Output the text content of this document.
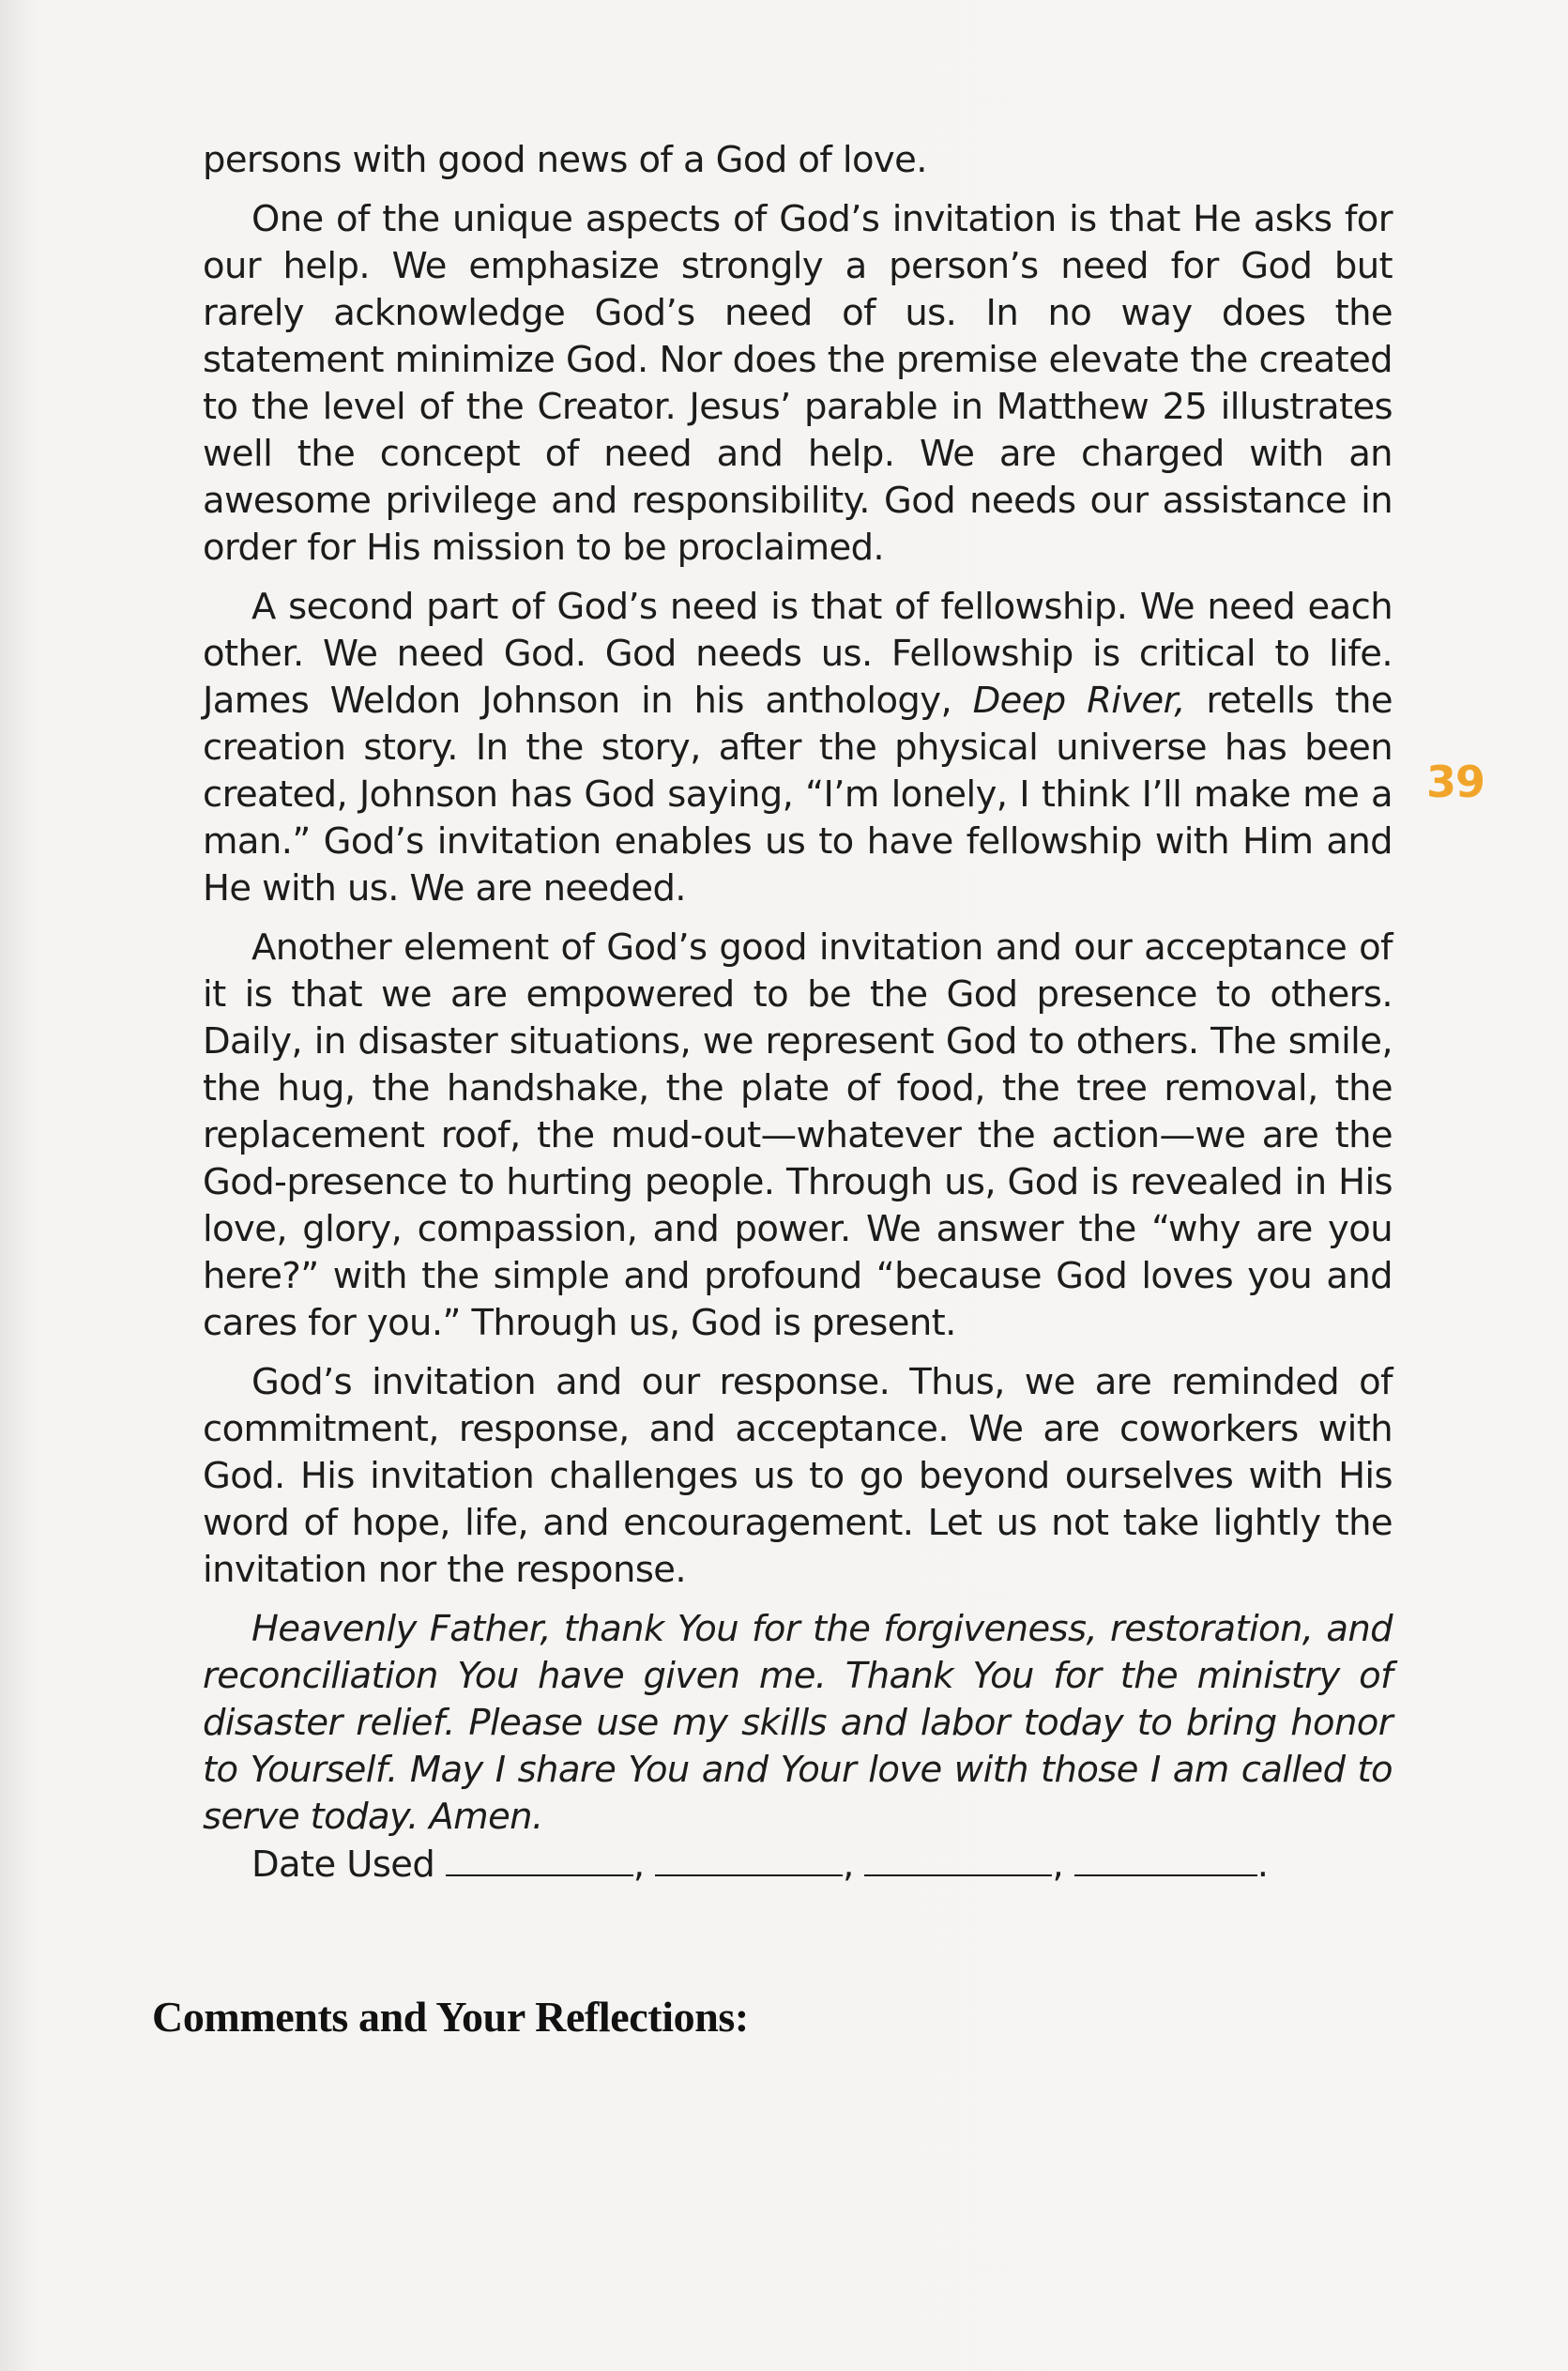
persons with good news of a God of love.

One of the unique aspects of God’s invitation is that He asks for our help. We emphasize strongly a person’s need for God but rarely acknowledge God’s need of us. In no way does the statement minimize God. Nor does the premise elevate the created to the level of the Creator. Jesus’ parable in Matthew 25 illustrates well the concept of need and help. We are charged with an awesome privilege and responsibility. God needs our assistance in order for His mission to be proclaimed.

A second part of God’s need is that of fellowship. We need each other. We need God. God needs us. Fellowship is critical to life. James Weldon Johnson in his anthology, Deep River, retells the creation story. In the story, after the physical universe has been created, Johnson has God saying, “I’m lonely, I think I’ll make me a man.” God’s invitation enables us to have fellowship with Him and He with us. We are needed.

Another element of God’s good invitation and our acceptance of it is that we are empowered to be the God presence to others. Daily, in disaster situations, we represent God to others. The smile, the hug, the handshake, the plate of food, the tree removal, the replacement roof, the mud-out—whatever the action—we are the God-presence to hurting people. Through us, God is revealed in His love, glory, compassion, and power. We answer the “why are you here?” with the simple and profound “because God loves you and cares for you.” Through us, God is present.

God’s invitation and our response. Thus, we are reminded of commitment, response, and acceptance. We are coworkers with God. His invitation challenges us to go beyond ourselves with His word of hope, life, and encouragement. Let us not take lightly the invitation nor the response.

Heavenly Father, thank You for the forgiveness, restoration, and reconciliation You have given me. Thank You for the ministry of disaster relief. Please use my skills and labor today to bring honor to Yourself. May I share You and Your love with those I am called to serve today. Amen.

Date Used	,	,	,	.

39
Comments and Your Reflections:
